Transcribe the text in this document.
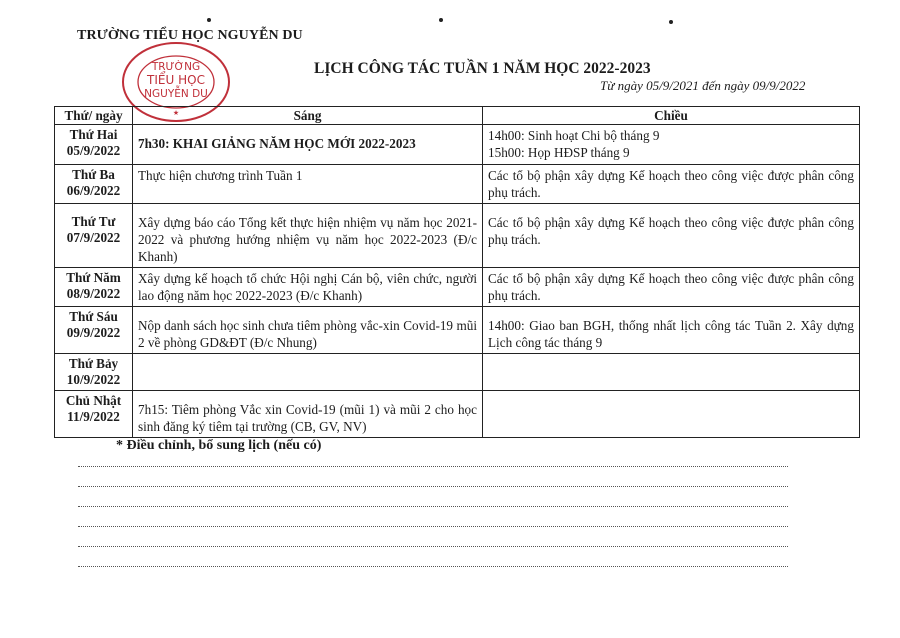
TRƯỜNG TIỂU HỌC NGUYỄN DU
TRƯỜNG
TIỂU HỌC
NGUYỄN DU
★
LỊCH CÔNG TÁC TUẦN 1 NĂM HỌC 2022-2023
Từ ngày 05/9/2021 đến ngày 09/9/2022
Thứ/ ngày	Sáng	Chiều

Thứ Hai
05/9/2022	7h30: KHAI GIẢNG NĂM HỌC MỚI 2022-2023	14h00: Sinh hoạt Chi bộ tháng 9
15h00: Họp HĐSP tháng 9

Thứ Ba
06/9/2022	Thực hiện chương trình Tuần 1	Các tổ bộ phận xây dựng Kế hoạch theo công việc được phân công phụ trách.

Thứ Tư
07/9/2022	Xây dựng báo cáo Tổng kết thực hiện nhiệm vụ năm học 2021-2022 và phương hướng nhiệm vụ năm học 2022-2023 (Đ/c Khanh)	Các tổ bộ phận xây dựng Kế hoạch theo công việc được phân công phụ trách.

Thứ Năm
08/9/2022	Xây dựng kế hoạch tổ chức Hội nghị Cán bộ, viên chức, người lao động năm học 2022-2023 (Đ/c Khanh)	Các tổ bộ phận xây dựng Kế hoạch theo công việc được phân công phụ trách.

Thứ Sáu
09/9/2022	Nộp danh sách học sinh chưa tiêm phòng vắc-xin Covid-19 mũi 2 về phòng GD&ĐT (Đ/c Nhung)	14h00: Giao ban BGH, thống nhất lịch công tác Tuần 2. Xây dựng Lịch công tác tháng 9

Thứ Bảy
10/9/2022		

Chủ Nhật
11/9/2022	7h15: Tiêm phòng Vắc xin Covid-19 (mũi 1) và mũi 2 cho học sinh đăng ký tiêm tại trường (CB, GV, NV)	
* Điều chỉnh, bổ sung lịch (nếu có)
